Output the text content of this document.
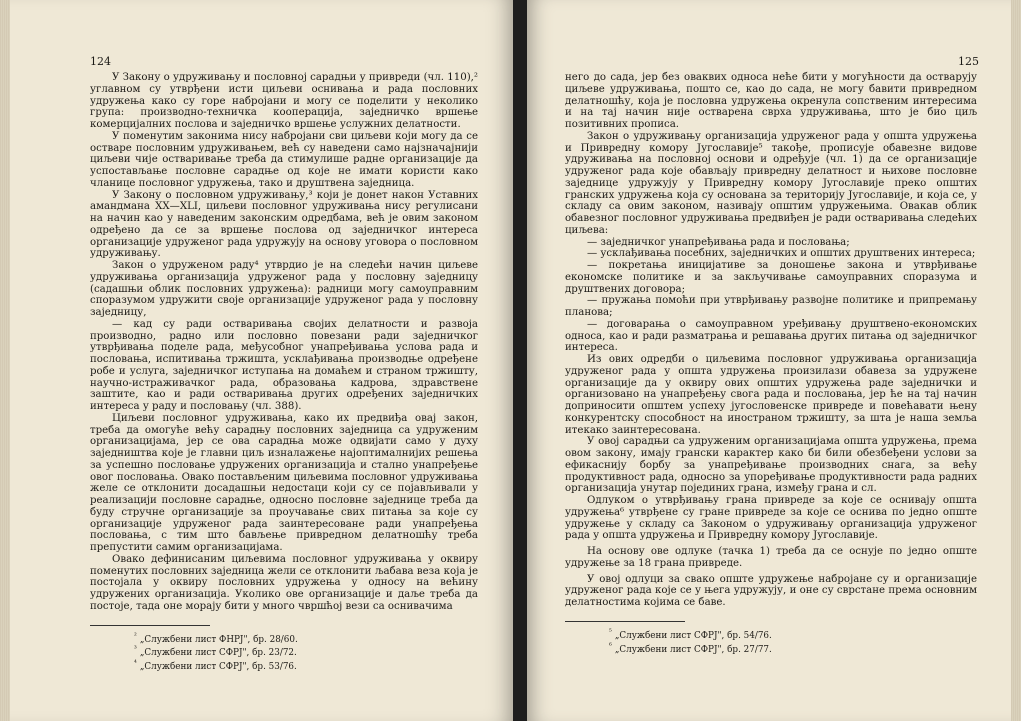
124

У Закону о удруживању и пословној сарадњи у привреди (чл. 110),² углавном су утврђени исти циљеви оснивања и рада пословних удружења како су горе набројани и могу се поделити у неколико група: производно-техничка кооперација, заједничко вршење комерцијалних послова и заједничко вршење услужних делатности.

У поменутим законима нису набројани сви циљеви који могу да се остваре пословним удруживањем, већ су наведени само најзначајнији циљеви чије остваривање треба да стимулише радне организације да успостављање пословне сарадње од које не имати користи како чланице пословног удружења, тако и друштвена заједница.

У Закону о пословном удруживању,³ који је донет након Уставних амандмана XX—XLI, циљеви пословног удруживања нису регулисани на начин као у наведеним законским одредбама, већ је овим законом одређено да се за вршење послова од заједничког интереса организације удруженог рада удружују на основу уговора о пословном удруживању.

Закон о удруженом раду⁴ утврдио је на следећи начин циљеве удруживања организација удруженог рада у пословну заједницу (садашњи облик пословних удружења): радници могу самоуправним споразумом удружити своје организације удруженог рада у пословну заједницу,

— кад су ради остваривања својих делатности и развоја производно, радно или пословно повезани ради заједничког утврђивања поделе рада, међусобног унапређивања услова рада и пословања, испитивања тржишта, усклађивања производње одређене робе и услуга, заједничког иступања на домаћем и страном тржишту, научно-истраживачког рада, образовања кадрова, здравствене заштите, као и ради остваривања других одређених заједничких интереса у раду и пословању (чл. 388).

Циљеви пословног удруживања, како их предвиђа овај закон, треба да омогуће већу сарадњу пословних заједница са удруженим организацијама, јер се ова сарадња може одвијати само у духу заједништва које је главни циљ изналажење најоптималнијих решења за успешно пословање удружених организација и стално унапређење овог пословања. Овако постављеним циљевима пословног удруживања желе се отклонити досадашњи недостаци који су се појављивали у реализацији пословне сарадње, односно пословне заједнице треба да буду стручне организације за проучавање свих питања за које су организације удруженог рада заинтересоване ради унапређења пословања, с тим што бављење привредном делатношћу треба препустити самим организацијама.

Овако дефинисаним циљевима пословног удруживања у оквиру поменутих пословних заједница жели се отклонити љабава веза која је постојала у оквиру пословних удружења у односу на већину удружених организација. Уколико ове организације и даље треба да постоје, тада оне морају бити у много чвршћој вези са оснивачима

$^{^2}$ „Службени лист ФНРЈ", бр. 28/60.

$^{^3}$ „Службени лист СФРЈ", бр. 23/72.

$^{^4}$ „Службени лист СФРЈ", бр. 53/76.

125

него до сада, јер без оваквих односа неће бити у могућности да остварују циљеве удруживања, пошто се, као до сада, не могу бавити привредном делатношћу, која је пословна удружења окренула сопственим интересима и на тај начин није остварена сврха удруживања, што је био циљ позитивних прописа.

Закон о удруживању организација удруженог рада у општа удружења и Привредну комору Југославије⁵ такође, прописује обавезне видове удруживања на пословној основи и одређује (чл. 1) да се организације удруженог рада које обављају привредну делатност и њихове пословне заједнице удружују у Привредну комору Југославије преко општих гранских удружења која су основана за територију Југославије, и која се, у складу са овим законом, називају општим удружењима. Овакав облик обавезног пословног удруживања предвиђен је ради остваривања следећих циљева:

— заједничког унапређивања рада и пословања;

— усклађивања посебних, заједничких и општих друштвених интереса;

— покретања иницијативе за доношење закона и утврђивање економске политике и за закључивање самоуправних споразума и друштвених договора;

— пружања помоћи при утврђивању развојне политике и припремању планова;

— договарања о самоуправном уређивању друштвено-економских односа, као и ради разматрања и решавања других питања од заједничког интереса.

Из ових одредби о циљевима пословног удруживања организација удруженог рада у општа удружења произилази обавеза за удружене организације да у оквиру ових општих удружења раде заједнички и организовано на унапређењу свога рада и пословања, јер ће на тај начин доприносити општем успеху југословенске привреде и повећавати њену конкурентску способност на иностраном тржишту, за шта је наша земља итекако заинтересована.

У овој сарадњи са удруженим организацијама општа удружења, према овом закону, имају грански карактер како би били обезбеђени услови за ефикаснију борбу за унапређивање производних снага, за већу продуктивност рада, односно за упоређивање продуктивности рада радних организација унутар појединих грана, између грана и сл.

Одлуком о утврђивању грана привреде за које се оснивају општа удружења⁶ утврђене су гране привреде за које се оснива по једно опште удружење у складу са Законом о удруживању организација удруженог рада у општа удружења и Привредну комору Југославије.

На основу ове одлуке (тачка 1) треба да се оснује по једно опште удружење за 18 грана привреде.

У овој одлуци за свако опште удружење набројане су и организације удруженог рада које се у њега удружују, и оне су сврстане према основним делатностима којима се баве.

$^{^5}$ „Службени лист СФРЈ", бр. 54/76.

$^{^6}$ „Службени лист СФРЈ", бр. 27/77.
